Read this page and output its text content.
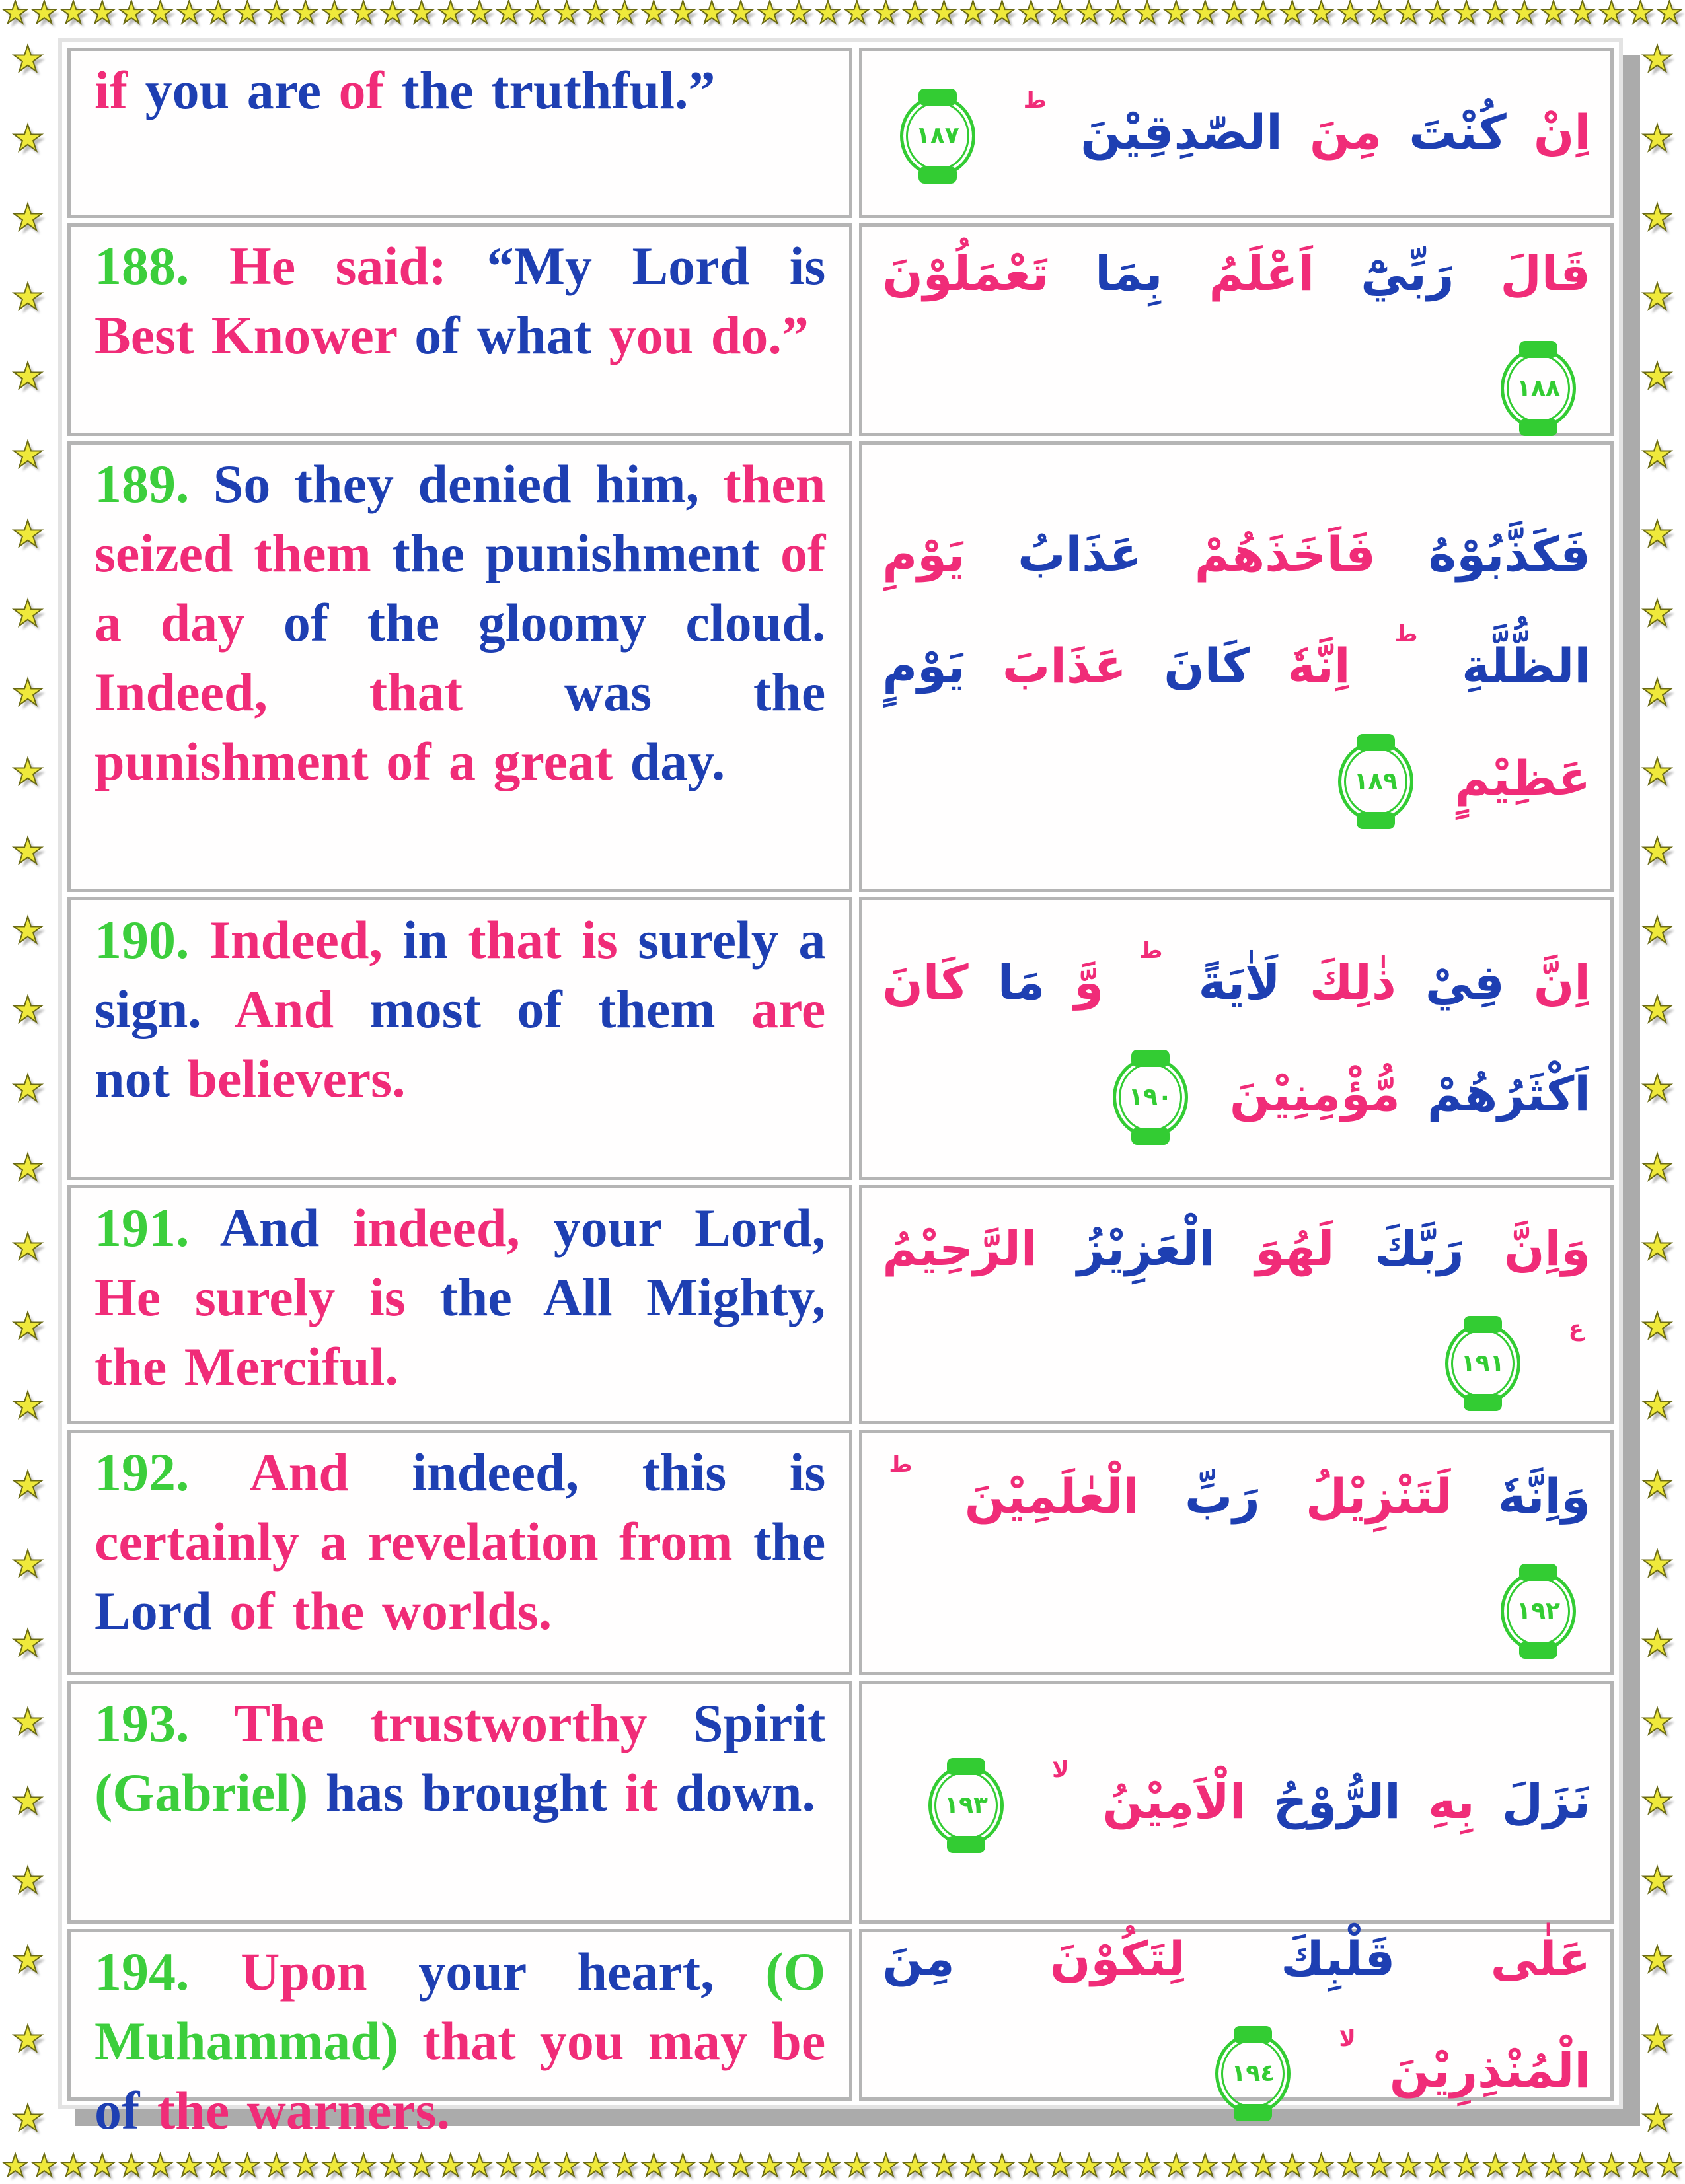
★ ★ ★ ★ ★ ★ ★ ★ ★ ★ ★ ★ ★ ★ ★ ★ ★ ★ ★ ★ ★ ★ ★ ★ ★ ★ ★ ★ ★ ★ ★ ★ ★ ★ ★ ★ ★ ★ ★ ★ ★ ★ ★ ★ ★ ★ ★ ★ ★ ★ ★ ★ ★ ★ ★ ★ ★ ★
★ ★ ★ ★ ★ ★ ★ ★ ★ ★ ★ ★ ★ ★ ★ ★ ★ ★ ★ ★ ★ ★ ★ ★ ★ ★ ★ ★ ★ ★ ★ ★ ★ ★ ★ ★ ★ ★ ★ ★ ★ ★ ★ ★ ★ ★ ★ ★ ★ ★ ★ ★ ★ ★ ★ ★ ★ ★
★
★
★
★
★
★
★
★
★
★
★
★
★
★
★
★
★
★
★
★
★
★
★
★
★
★
★
★
★
★
★
★
★
★
★
★
★
★
★
★
★
★
★
★
★
★
★
★
★
★
★
★
★
★

if you are of the truthful.”

اِنْ كُنْتَ مِنَ الصّٰدِقِيْنَ ط
١٨٧

188. He said: “My Lord is Best Knower of what you do.”

قَالَ رَبِّيْٓ اَعْلَمُ بِمَا تَعْمَلُوْنَ
١٨٨

189. So they denied him, then seized them the punishment of a day of the gloomy cloud. Indeed, that was the punishment of a great day.

فَكَذَّبُوْهُ فَاَخَذَهُمْ عَذَابُ يَوْمِ الظُّلَّةِ ط اِنَّهٗ كَانَ عَذَابَ يَوْمٍ عَظِيْمٍ
١٨٩

190. Indeed, in that is surely a sign. And most of them are not believers.

اِنَّ فِيْ ذٰلِكَ لَاٰيَةً ط وَّ مَا كَانَ اَكْثَرُهُمْ مُّؤْمِنِيْنَ
١٩٠

191. And indeed, your Lord, He surely is the All Mighty, the Merciful.

وَاِنَّ رَبَّكَ لَهُوَ الْعَزِيْزُ الرَّحِيْمُ ع
١٩١

192. And indeed, this is certainly a revelation from the Lord of the worlds.

وَاِنَّهٗ لَتَنْزِيْلُ رَبِّ الْعٰلَمِيْنَ ط
١٩٢

193. The trustworthy Spirit (Gabriel) has brought it down.	نَزَلَ بِهِ الرُّوْحُ الْاَمِيْنُ لا
١٩٣

194. Upon your heart, (O Muhammad) that you may be of the warners.

عَلٰى قَلْبِكَ لِتَكُوْنَ مِنَ الْمُنْذِرِيْنَ لا
١٩٤
